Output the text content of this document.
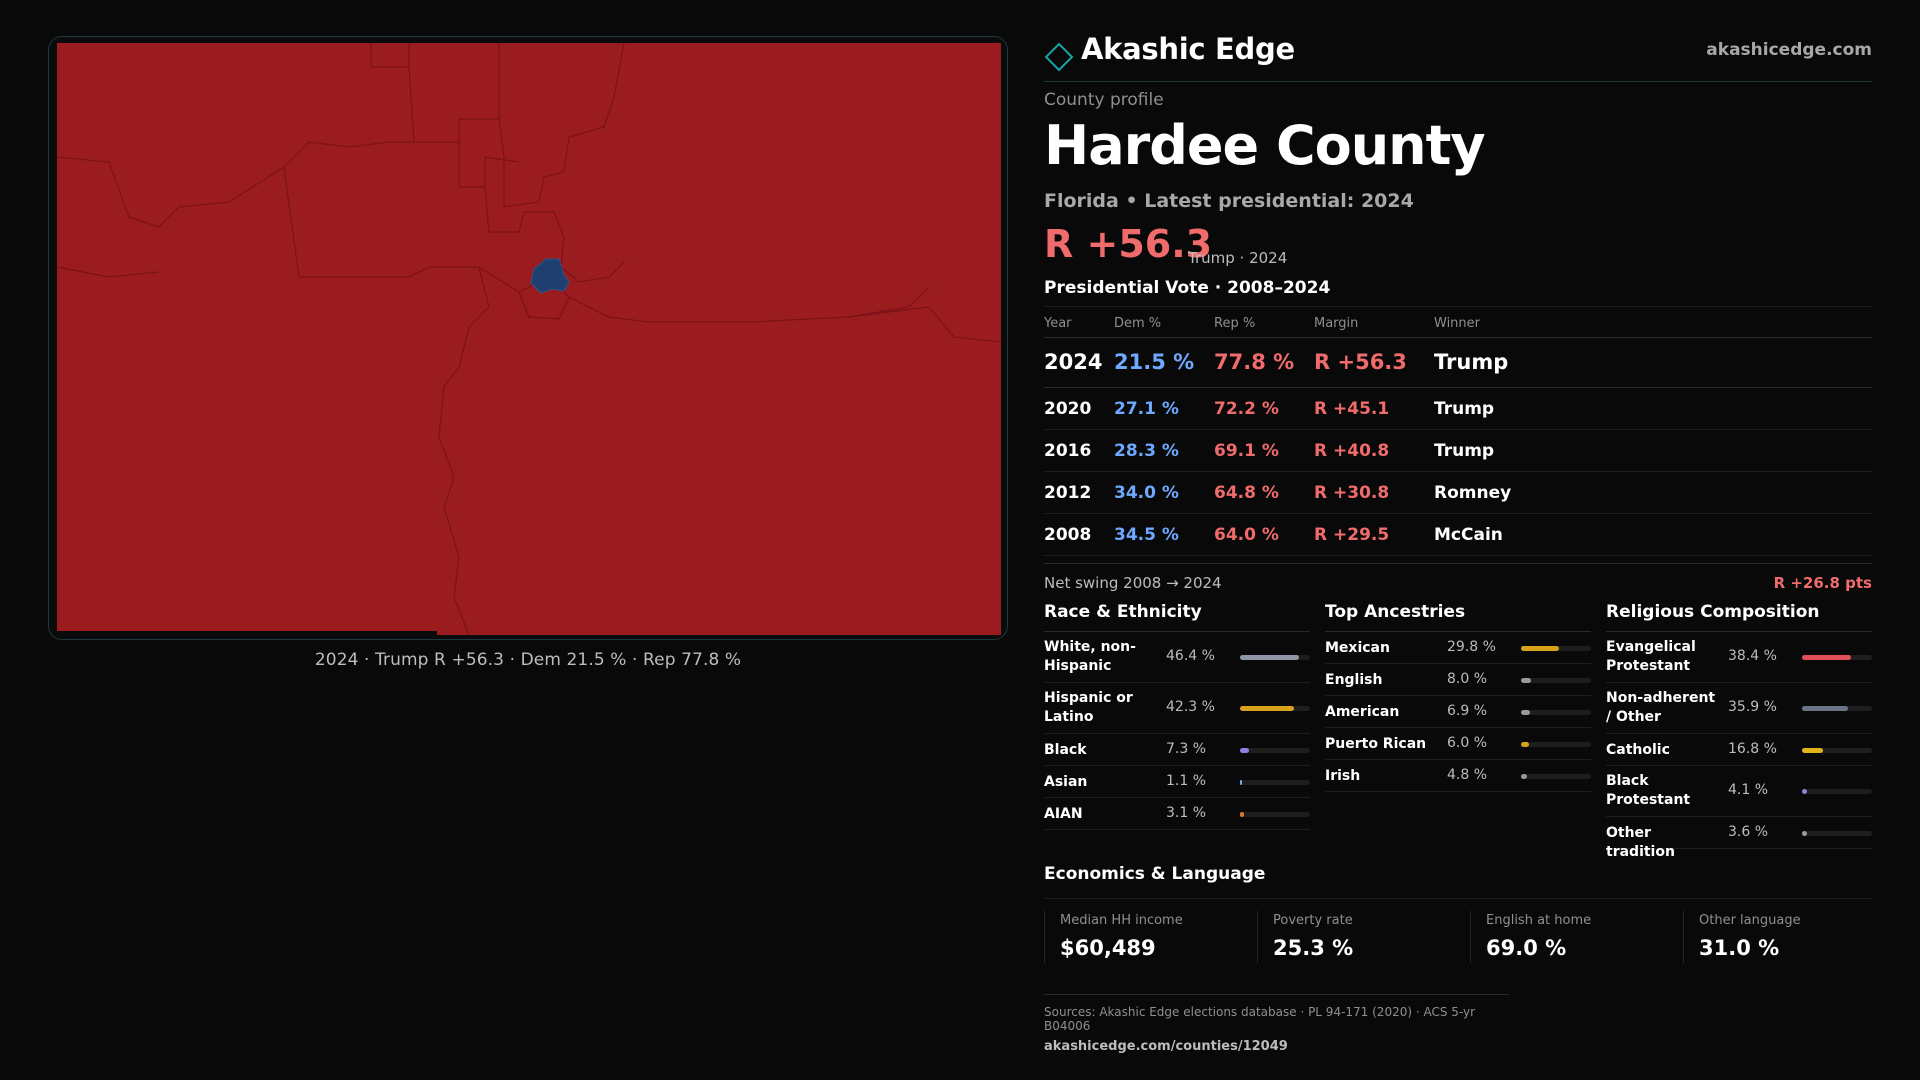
2024 · Trump R +56.3 · Dem 21.5 % · Rep 77.8 %
Akashic Edge	akashicedge.com
County profile
Hardee County
Florida • Latest presidential: 2024
R +56.3
Trump · 2024
Presidential Vote · 2008–2024
Year	Dem %	Rep %	Margin	Winner
2024 21.5 % 77.8 % R +56.3 Trump
2020 27.1 % 72.2 % R +45.1	Trump
2016 28.3 % 69.1 % R +40.8	Trump
2012 34.0 % 64.8 % R +30.8	Romney
2008 34.5 % 64.0 % R +29.5	McCain
Net swing 2008 → 2024	R +26.8 pts
Race & Ethnicity
White, non-Hispanic
46.4 %
Hispanic or Latino
42.3 %
Black	7.3 %
Asian	1.1 %
AIAN	3.1 %
Top Ancestries
Mexican	29.8 %
English	8.0 %
American	6.9 %
Puerto Rican	6.0 %
Irish	4.8 %
Religious Composition
Evangelical Protestant
38.4 %
Non-adherent / Other
35.9 %
Catholic	16.8 %
Black Protestant
4.1 %
Other tradition
3.6 %
Economics & Language
Median HH income
$60,489
Poverty rate
25.3 %
English at home
69.0 %
Other language
31.0 %
Sources: Akashic Edge elections database · PL 94-171 (2020) · ACS 5-yr B04006
akashicedge.com/counties/12049
